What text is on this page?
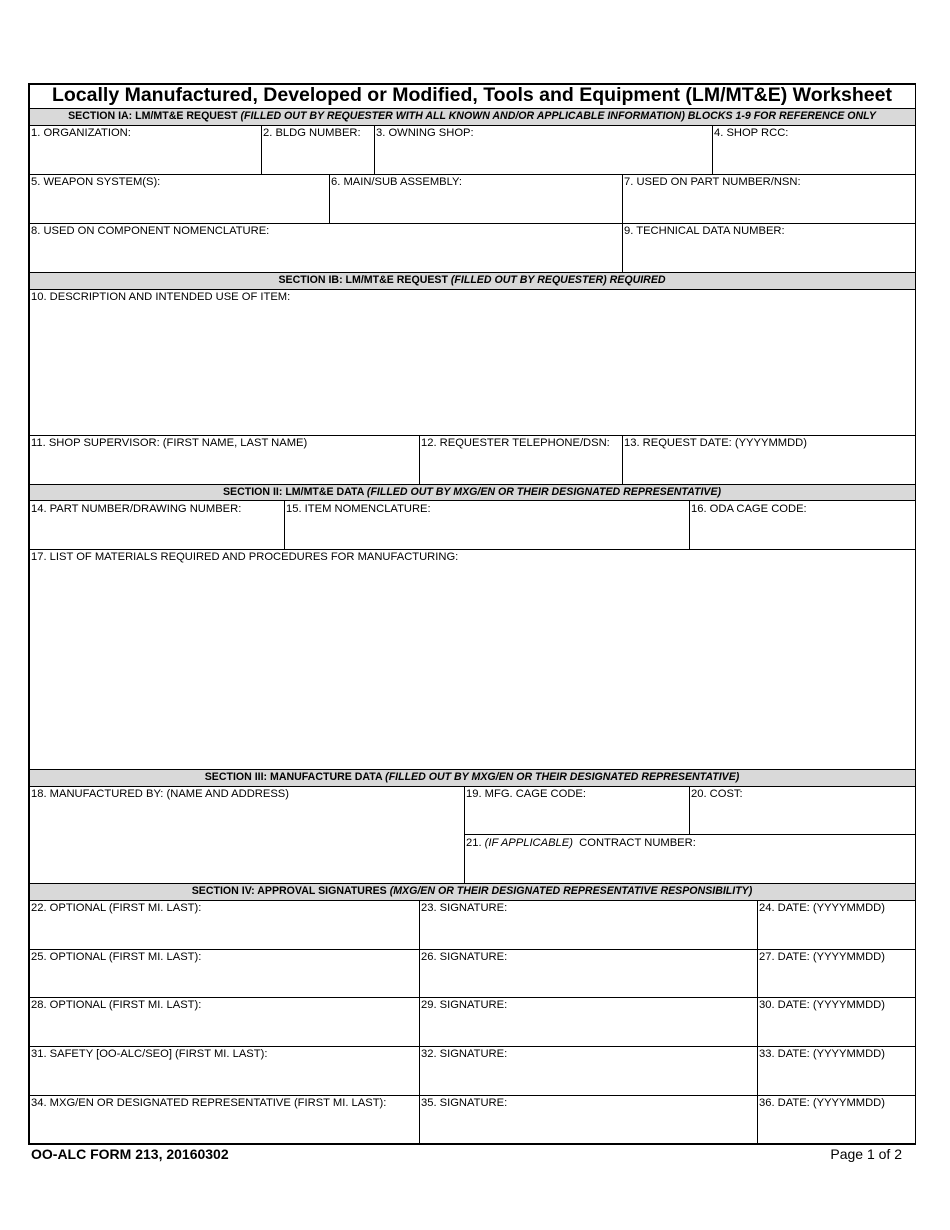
Locally Manufactured, Developed or Modified, Tools and Equipment (LM/MT&E) Worksheet
SECTION IA: LM/MT&E REQUEST (FILLED OUT BY REQUESTER WITH ALL KNOWN AND/OR APPLICABLE INFORMATION) BLOCKS 1-9 FOR REFERENCE ONLY
SECTION IB: LM/MT&E REQUEST (FILLED OUT BY REQUESTER) REQUIRED
SECTION II: LM/MT&E DATA (FILLED OUT BY MXG/EN OR THEIR DESIGNATED REPRESENTATIVE)
SECTION III: MANUFACTURE DATA (FILLED OUT BY MXG/EN OR THEIR DESIGNATED REPRESENTATIVE)
SECTION IV: APPROVAL SIGNATURES (MXG/EN OR THEIR DESIGNATED REPRESENTATIVE RESPONSIBILITY)
1. ORGANIZATION:	2. BLDG NUMBER: 3. OWNING SHOP:	4. SHOP RCC:
5. WEAPON SYSTEM(S):	6. MAIN/SUB ASSEMBLY:	7. USED ON PART NUMBER/NSN:
8. USED ON COMPONENT NOMENCLATURE:	9. TECHNICAL DATA NUMBER:
10. DESCRIPTION AND INTENDED USE OF ITEM:
11. SHOP SUPERVISOR: (FIRST NAME, LAST NAME)	12. REQUESTER TELEPHONE/DSN: 13. REQUEST DATE: (YYYYMMDD)
14. PART NUMBER/DRAWING NUMBER:	15. ITEM NOMENCLATURE:	16. ODA CAGE CODE:
17. LIST OF MATERIALS REQUIRED AND PROCEDURES FOR MANUFACTURING:
18. MANUFACTURED BY: (NAME AND ADDRESS)	19. MFG. CAGE CODE:	20. COST:
21. (IF APPLICABLE)  CONTRACT NUMBER:
22. OPTIONAL (FIRST MI. LAST):	23. SIGNATURE:	24. DATE: (YYYYMMDD)
25. OPTIONAL (FIRST MI. LAST):	26. SIGNATURE:	27. DATE: (YYYYMMDD)
28. OPTIONAL (FIRST MI. LAST):	29. SIGNATURE:	30. DATE: (YYYYMMDD)
31. SAFETY [OO-ALC/SEO] (FIRST MI. LAST):	32. SIGNATURE:	33. DATE: (YYYYMMDD)
34. MXG/EN OR DESIGNATED REPRESENTATIVE (FIRST MI. LAST):	35. SIGNATURE:	36. DATE: (YYYYMMDD)
OO-ALC FORM 213, 20160302	Page 1 of 2
